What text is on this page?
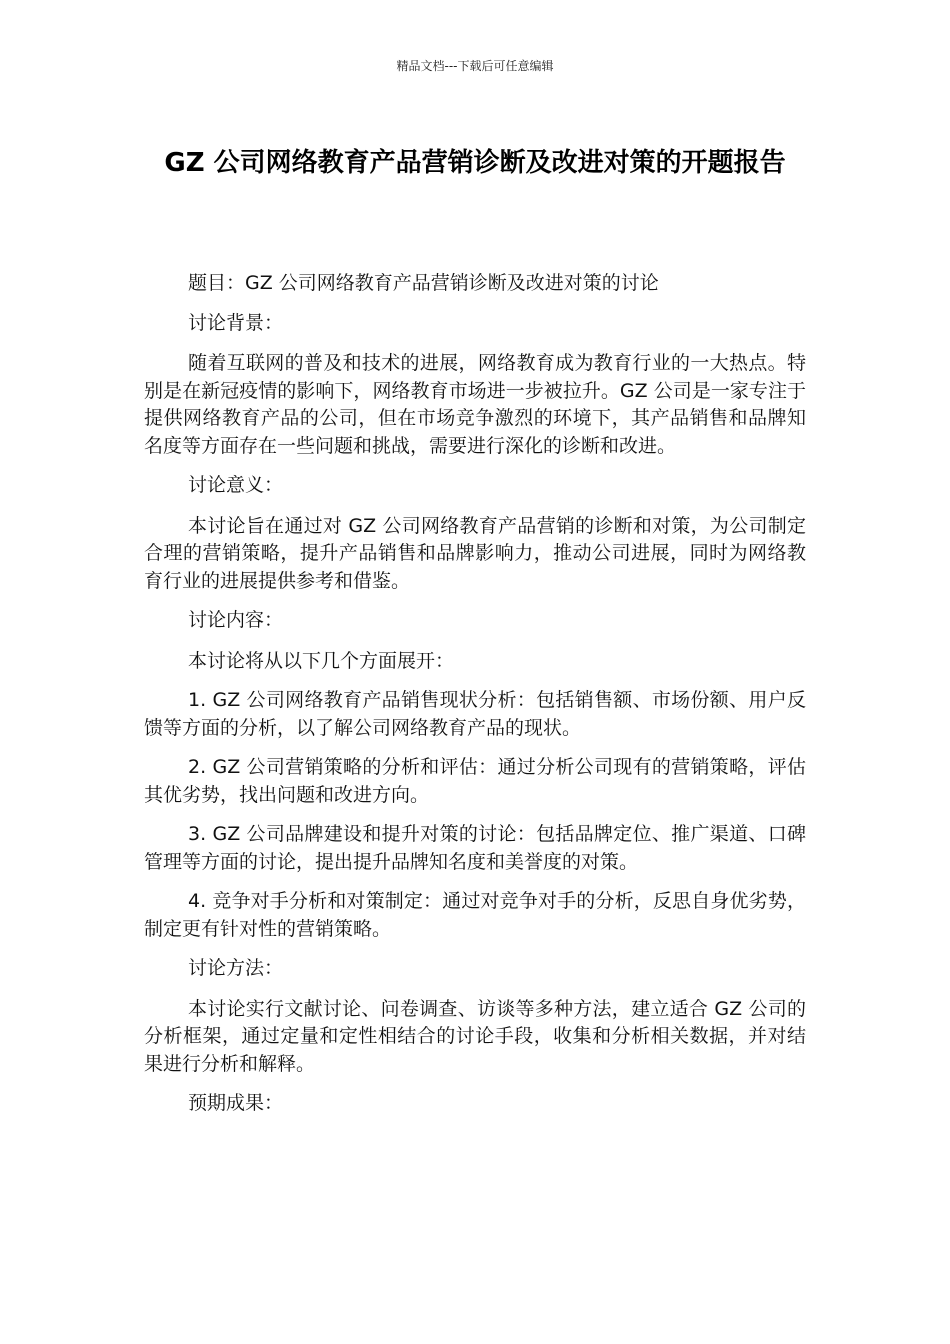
精品文档---下载后可任意编辑
GZ 公司网络教育产品营销诊断及改进对策的开题报告

题目：GZ 公司网络教育产品营销诊断及改进对策的讨论

讨论背景：

随着互联网的普及和技术的进展，网络教育成为教育行业的一大热点。特别是在新冠疫情的影响下，网络教育市场进一步被拉升。GZ 公司是一家专注于提供网络教育产品的公司，但在市场竞争激烈的环境下，其产品销售和品牌知名度等方面存在一些问题和挑战，需要进行深化的诊断和改进。

讨论意义：

本讨论旨在通过对 GZ 公司网络教育产品营销的诊断和对策，为公司制定合理的营销策略，提升产品销售和品牌影响力，推动公司进展，同时为网络教育行业的进展提供参考和借鉴。

讨论内容：

本讨论将从以下几个方面展开：

1. GZ 公司网络教育产品销售现状分析：包括销售额、市场份额、用户反馈等方面的分析，以了解公司网络教育产品的现状。

2. GZ 公司营销策略的分析和评估：通过分析公司现有的营销策略，评估其优劣势，找出问题和改进方向。

3. GZ 公司品牌建设和提升对策的讨论：包括品牌定位、推广渠道、口碑管理等方面的讨论，提出提升品牌知名度和美誉度的对策。

4. 竞争对手分析和对策制定：通过对竞争对手的分析，反思自身优劣势，制定更有针对性的营销策略。

讨论方法：

本讨论实行文献讨论、问卷调查、访谈等多种方法，建立适合 GZ 公司的分析框架，通过定量和定性相结合的讨论手段，收集和分析相关数据，并对结果进行分析和解释。

预期成果：
